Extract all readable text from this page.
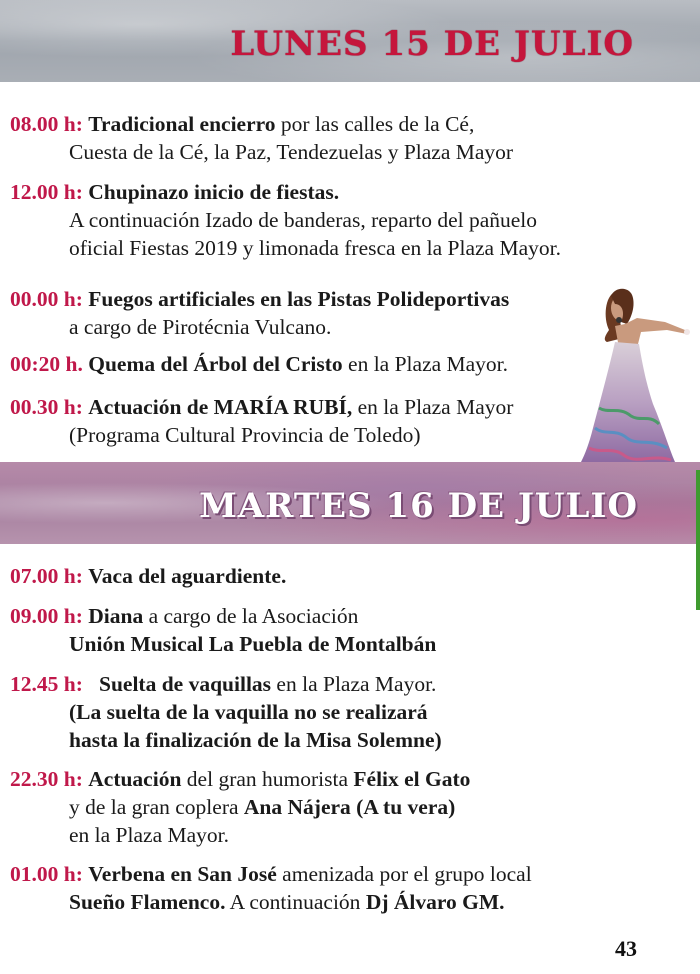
LUNES 15 DE JULIO
08.00 h: Tradicional encierro por las calles de la Cé,
Cuesta de la Cé, la Paz, Tendezuelas y Plaza Mayor
12.00 h: Chupinazo inicio de fiestas.
A continuación Izado de banderas, reparto del pañuelo
oficial Fiestas 2019 y limonada fresca en la Plaza Mayor.
00.00 h: Fuegos artificiales en las Pistas Polideportivas
a cargo de Pirotécnia Vulcano.
00:20 h. Quema del Árbol del Cristo en la Plaza Mayor.
00.30 h: Actuación de MARÍA RUBÍ, en la Plaza Mayor
(Programa Cultural Provincia de Toledo)
MARTES 16 DE JULIO
07.00 h: Vaca del aguardiente.
09.00 h: Diana a cargo de la Asociación
Unión Musical La Puebla de Montalbán
12.45 h: Suelta de vaquillas en la Plaza Mayor.
(La suelta de la vaquilla no se realizará
hasta la finalización de la Misa Solemne)
22.30 h: Actuación del gran humorista Félix el Gato
y de la gran coplera Ana Nájera (A tu vera)
en la Plaza Mayor.
01.00 h: Verbena en San José amenizada por el grupo local
Sueño Flamenco. A continuación Dj Álvaro GM.
43
